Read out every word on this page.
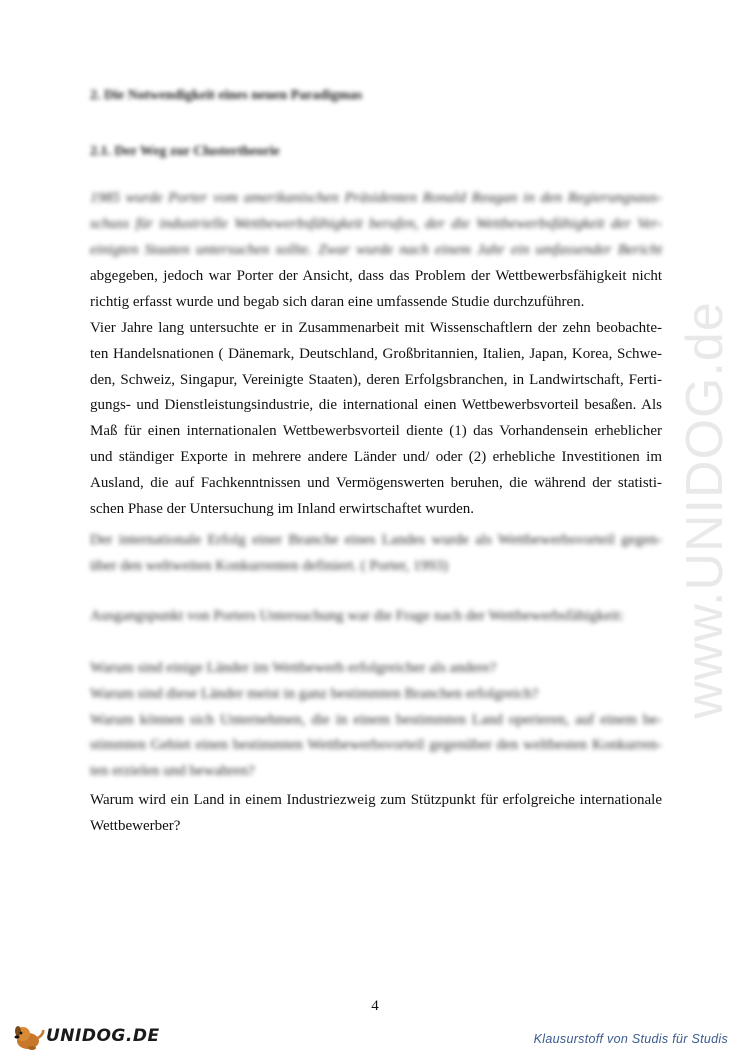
www.UNIDOG.de
2. Die Notwendigkeit eines neuen Paradigmas
2.1. Der Weg zur Clustertheorie
1985 wurde Porter vom amerikanischen Präsidenten Ronald Reagan in den Regierungsaus-
schuss für industrielle Wettbewerbsfähigkeit berufen, der die Wettbewerbsfähigkeit der Ver-
einigten Staaten untersuchen sollte. Zwar wurde nach einem Jahr ein umfassender Bericht
abgegeben, jedoch war Porter der Ansicht, dass das Problem der Wettbewerbsfähigkeit nicht
richtig erfasst wurde und begab sich daran eine umfassende Studie durchzuführen.
Vier Jahre lang untersuchte er in Zusammenarbeit mit Wissenschaftlern der zehn beobachte-
ten Handelsnationen ( Dänemark, Deutschland, Großbritannien, Italien, Japan, Korea, Schwe-
den, Schweiz, Singapur, Vereinigte Staaten), deren Erfolgsbranchen, in Landwirtschaft, Ferti-
gungs- und Dienstleistungsindustrie, die international einen Wettbewerbsvorteil besaßen. Als
Maß für einen internationalen Wettbewerbsvorteil diente (1) das Vorhandensein erheblicher
und ständiger Exporte in mehrere andere Länder und/ oder (2) erhebliche Investitionen im
Ausland, die auf Fachkenntnissen und Vermögenswerten beruhen, die während der statisti-
schen Phase der Untersuchung im Inland erwirtschaftet wurden.
Der internationale Erfolg einer Branche eines Landes wurde als Wettbewerbsvorteil gegen-
über den weltweiten Konkurrenten definiert. ( Porter, 1993)
Ausgangspunkt von Porters Untersuchung war die Frage nach der Wettbewerbsfähigkeit:
Warum sind einige Länder im Wettbewerb erfolgreicher als andere?
Warum sind diese Länder meist in ganz bestimmten Branchen erfolgreich?
Warum können sich Unternehmen, die in einem bestimmten Land operieren, auf einem be-
stimmten Gebiet einen bestimmten Wettbewerbsvorteil gegenüber den weltbesten Konkurren-
ten erzielen und bewahren?
Warum wird ein Land in einem Industriezweig zum Stützpunkt für erfolgreiche internationale
Wettbewerber?
4
UNIDOG.DE	Klausurstoff von Studis für Studis
